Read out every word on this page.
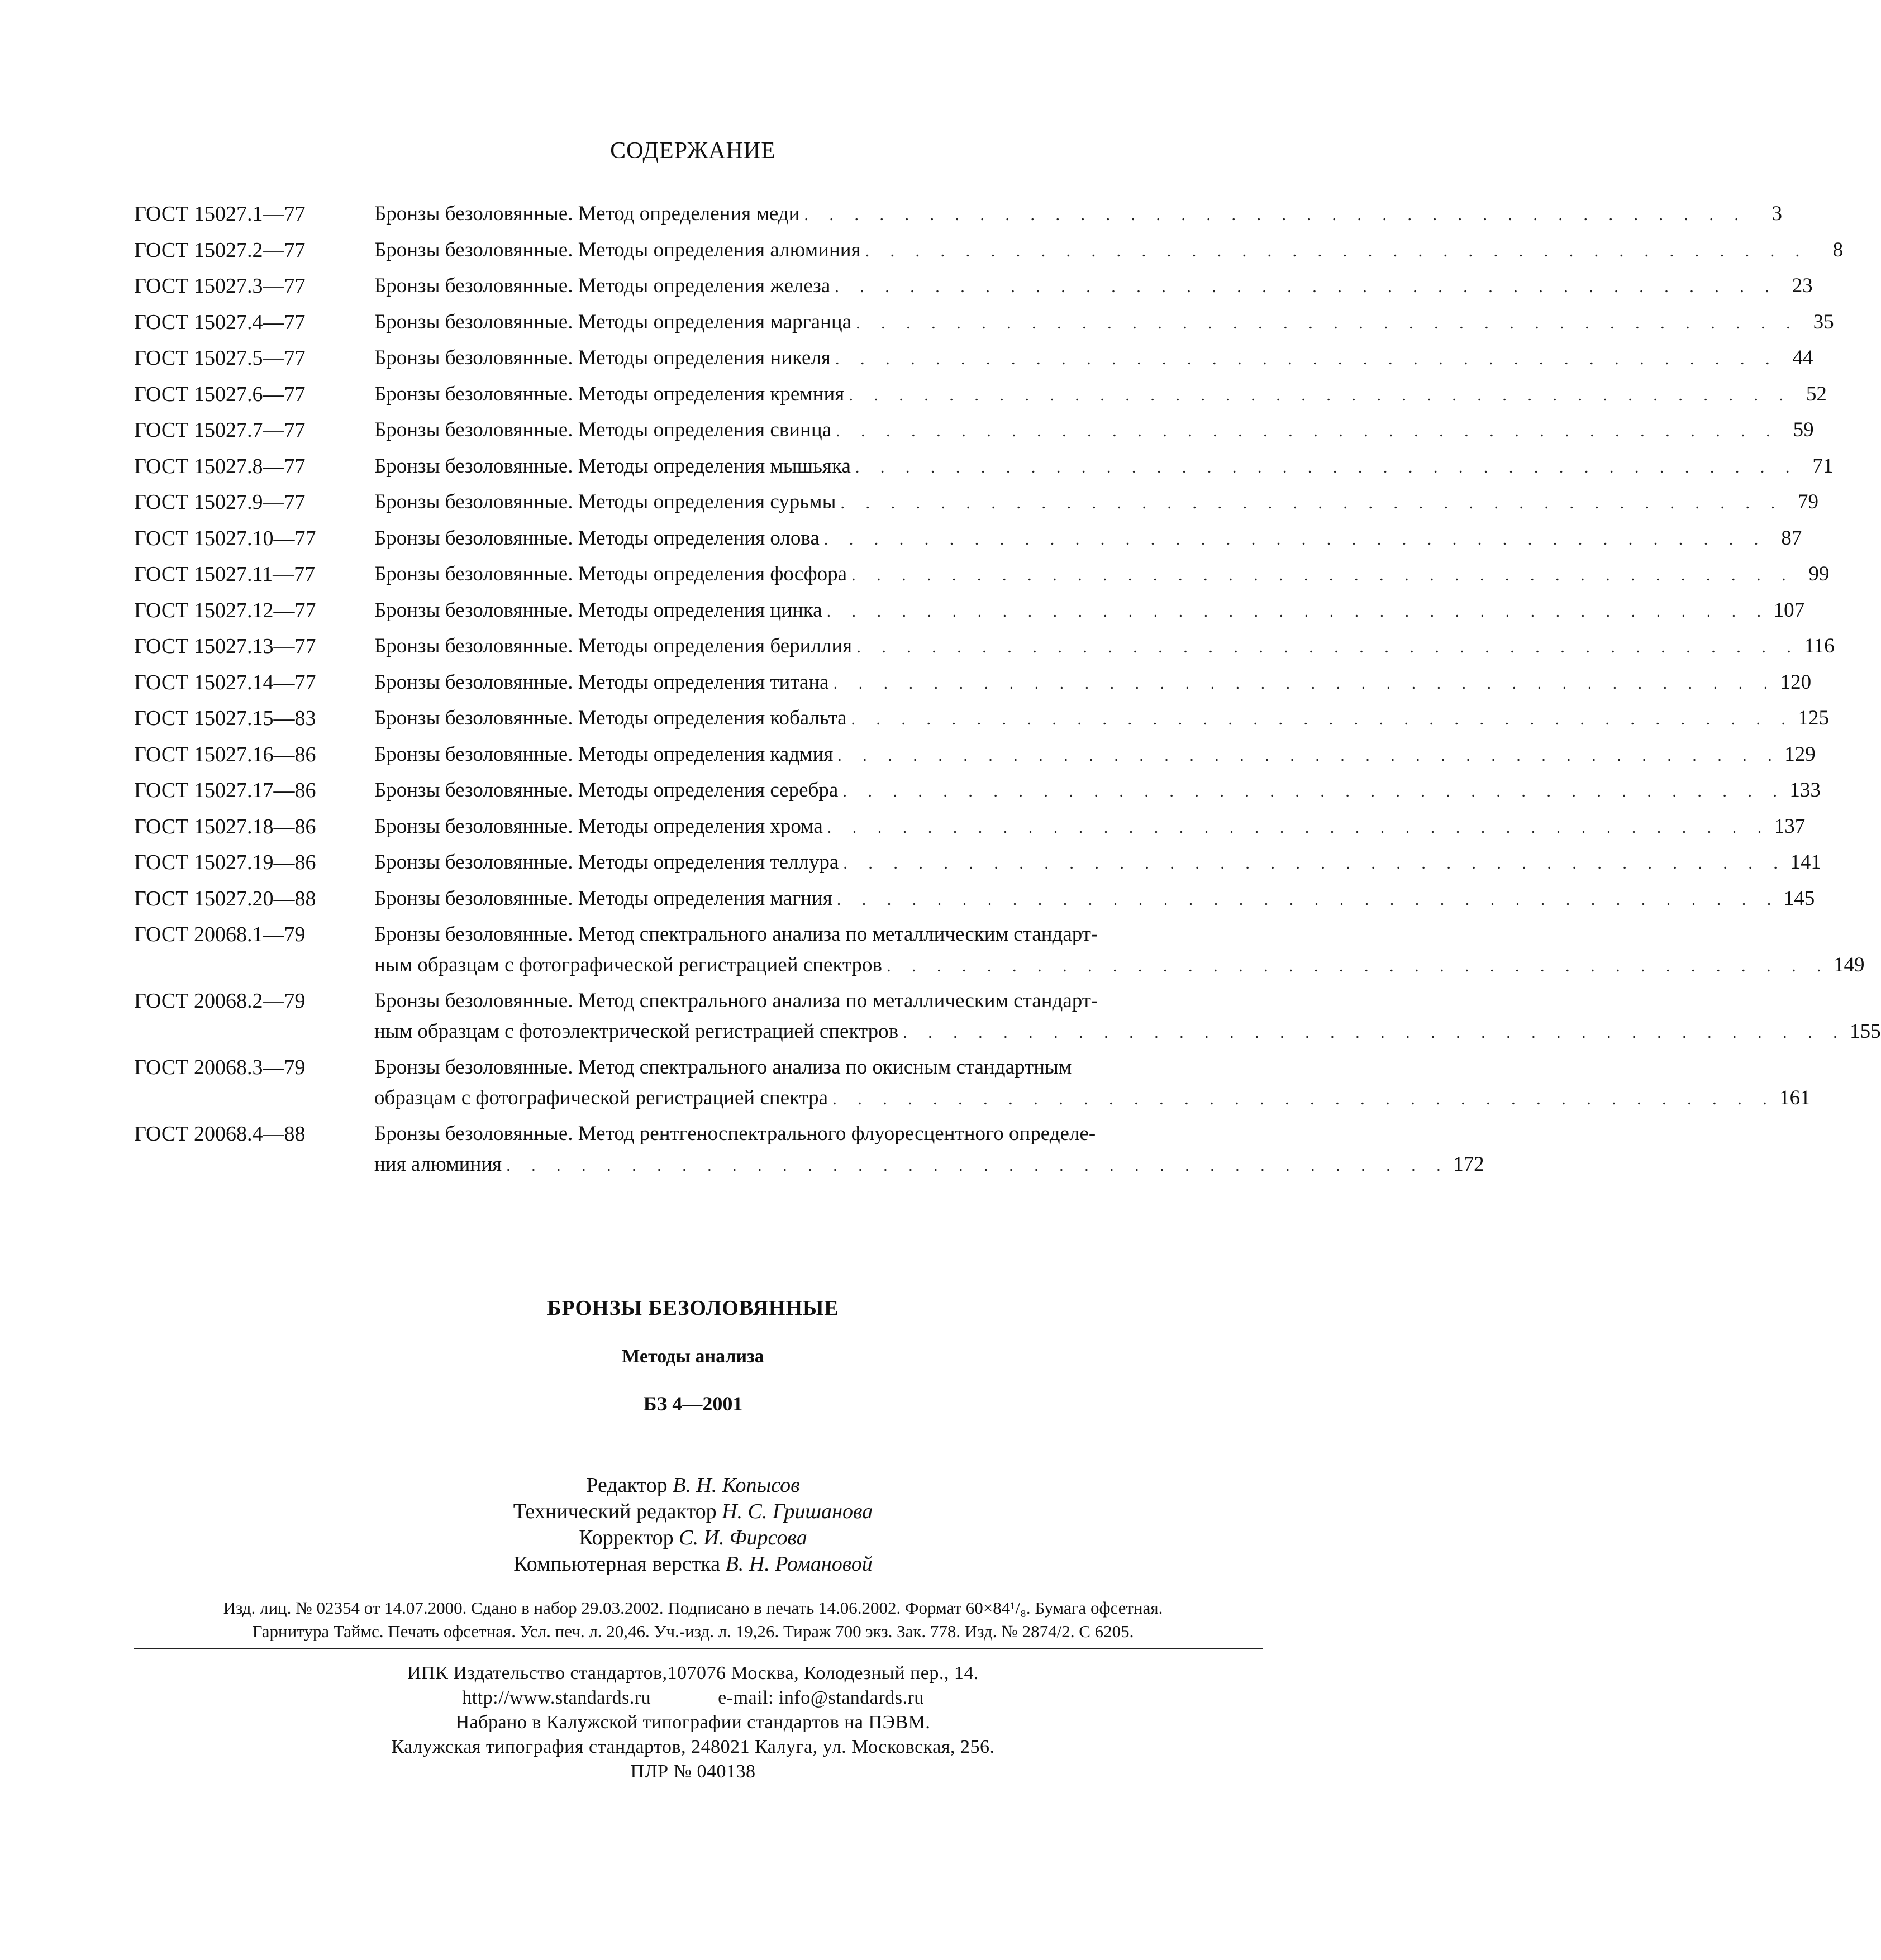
СОДЕРЖАНИЕ
ГОСТ 15027.1—77	Бронзы безоловянные. Метод определения меди .	3
ГОСТ 15027.2—77	Бронзы безоловянные. Методы определения алюминия .	8
ГОСТ 15027.3—77	Бронзы безоловянные. Методы определения железа .	23
ГОСТ 15027.4—77	Бронзы безоловянные. Методы определения марганца .	35
ГОСТ 15027.5—77	Бронзы безоловянные. Методы определения никеля .	44
ГОСТ 15027.6—77	Бронзы безоловянные. Методы определения кремния .	52
ГОСТ 15027.7—77	Бронзы безоловянные. Методы определения свинца .	59
ГОСТ 15027.8—77	Бронзы безоловянные. Методы определения мышьяка .	71
ГОСТ 15027.9—77	Бронзы безоловянные. Методы определения сурьмы .	79
ГОСТ 15027.10—77	Бронзы безоловянные. Методы определения олова .	87
ГОСТ 15027.11—77	Бронзы безоловянные. Методы определения фосфора .	99
ГОСТ 15027.12—77	Бронзы безоловянные. Методы определения цинка .	107
ГОСТ 15027.13—77	Бронзы безоловянные. Методы определения бериллия .	116
ГОСТ 15027.14—77	Бронзы безоловянные. Методы определения титана .	120
ГОСТ 15027.15—83	Бронзы безоловянные. Методы определения кобальта .	125
ГОСТ 15027.16—86	Бронзы безоловянные. Методы определения кадмия .	129
ГОСТ 15027.17—86	Бронзы безоловянные. Методы определения серебра .	133
ГОСТ 15027.18—86	Бронзы безоловянные. Методы определения хрома .	137
ГОСТ 15027.19—86	Бронзы безоловянные. Методы определения теллура .	141
ГОСТ 15027.20—88	Бронзы безоловянные. Методы определения магния .	145
ГОСТ 20068.1—79	Бронзы безоловянные. Метод спектрального анализа по металлическим стандарт-
ным образцам с фотографической регистрацией спектров .	149
ГОСТ 20068.2—79	Бронзы безоловянные. Метод спектрального анализа по металлическим стандарт-
ным образцам с фотоэлектрической регистрацией спектров .	155
ГОСТ 20068.3—79	Бронзы безоловянные. Метод спектрального анализа по окисным стандартным
образцам с фотографической регистрацией спектра .	161
ГОСТ 20068.4—88	Бронзы безоловянные. Метод рентгеноспектрального флуоресцентного определе-
ния алюминия .	172
БРОНЗЫ БЕЗОЛОВЯННЫЕ
Методы анализа
БЗ 4—2001
Редактор В. Н. Копысов
Технический редактор Н. С. Гришанова
Корректор С. И. Фирсова
Компьютерная верстка В. Н. Романовой
Изд. лиц. № 02354 от 14.07.2000. Сдано в набор 29.03.2002. Подписано в печать 14.06.2002. Формат 60×84¹/₈. Бумага офсетная.
Гарнитура Таймс. Печать офсетная. Усл. печ. л. 20,46. Уч.-изд. л. 19,26. Тираж 700 экз. Зак. 778. Изд. № 2874/2. С 6205.
ИПК Издательство стандартов,107076 Москва, Колодезный пер., 14.
http://www.standards.ru	e-mail: info@standards.ru
Набрано в Калужской типографии стандартов на ПЭВМ.
Калужская типография стандартов, 248021 Калуга, ул. Московская, 256.
ПЛР № 040138
